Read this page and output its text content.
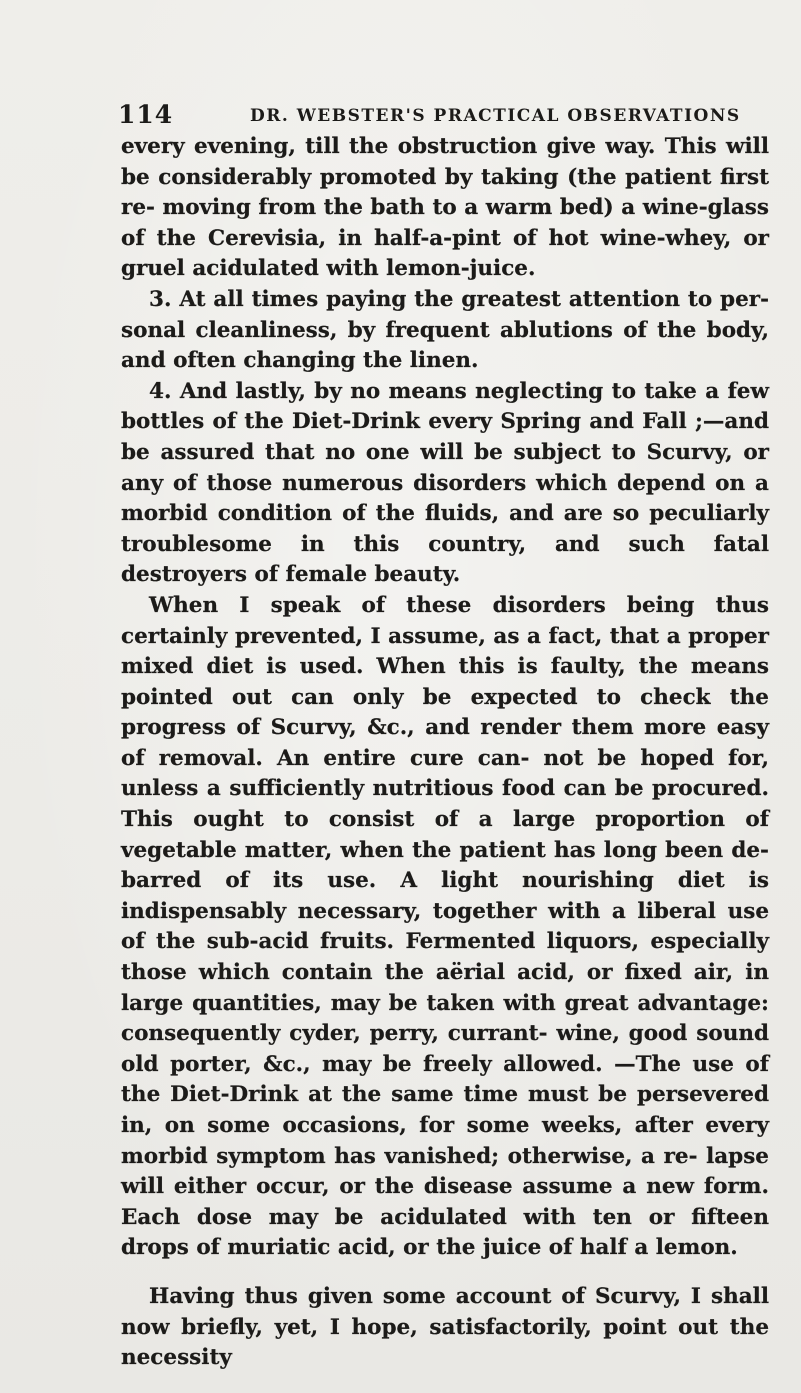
114	DR. WEBSTER'S PRACTICAL OBSERVATIONS

every evening, till the obstruction give way. This will be considerably promoted by taking (the patient first re- moving from the bath to a warm bed) a wine-glass of the Cerevisia, in half-a-pint of hot wine-whey, or gruel acidulated with lemon-juice.

3. At all times paying the greatest attention to per- sonal cleanliness, by frequent ablutions of the body, and often changing the linen.

4. And lastly, by no means neglecting to take a few bottles of the Diet-Drink every Spring and Fall ;—and be assured that no one will be subject to Scurvy, or any of those numerous disorders which depend on a morbid condition of the fluids, and are so peculiarly troublesome in this country, and such fatal destroyers of female beauty.

When I speak of these disorders being thus certainly prevented, I assume, as a fact, that a proper mixed diet is used. When this is faulty, the means pointed out can only be expected to check the progress of Scurvy, &c., and render them more easy of removal. An entire cure can- not be hoped for, unless a sufficiently nutritious food can be procured. This ought to consist of a large proportion of vegetable matter, when the patient has long been de- barred of its use. A light nourishing diet is indispensably necessary, together with a liberal use of the sub-acid fruits. Fermented liquors, especially those which contain the aërial acid, or fixed air, in large quantities, may be taken with great advantage: consequently cyder, perry, currant- wine, good sound old porter, &c., may be freely allowed. —The use of the Diet-Drink at the same time must be persevered in, on some occasions, for some weeks, after every morbid symptom has vanished; otherwise, a re- lapse will either occur, or the disease assume a new form. Each dose may be acidulated with ten or fifteen drops of muriatic acid, or the juice of half a lemon.

Having thus given some account of Scurvy, I shall now briefly, yet, I hope, satisfactorily, point out the necessity
